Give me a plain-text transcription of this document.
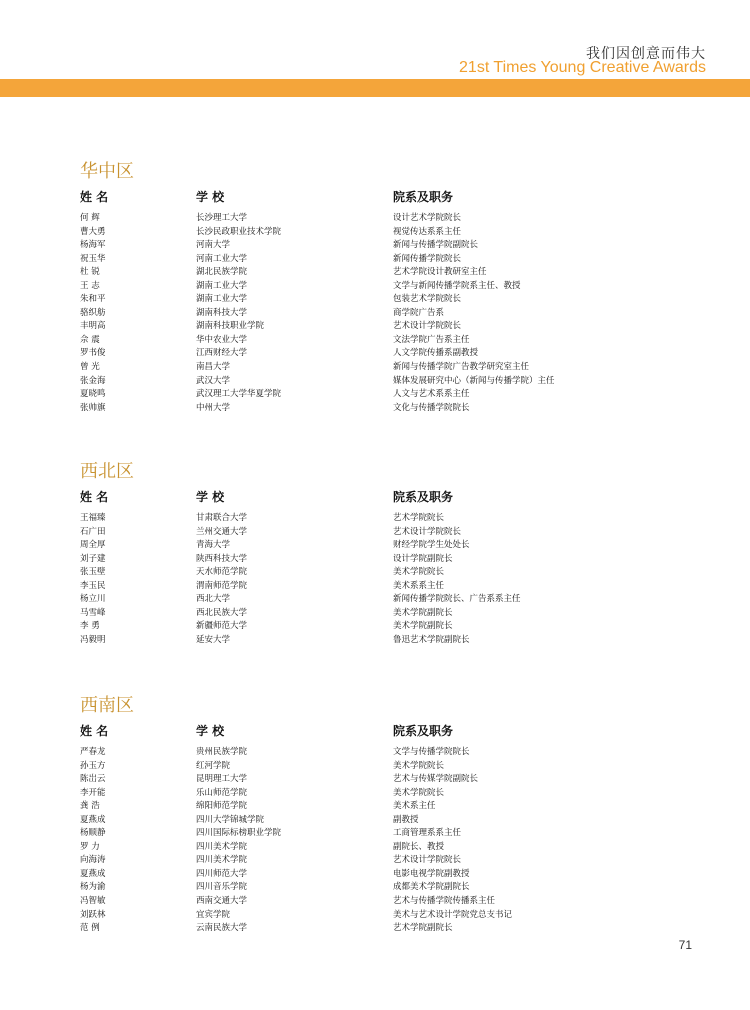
我们因创意而伟大
21st Times Young Creative Awards
华中区
姓 名	学 校	院系及职务
何 辉	长沙理工大学	设计艺术学院院长
曹大勇	长沙民政职业技术学院	视觉传达系系主任
杨海军	河南大学	新闻与传播学院副院长
祝玉华	河南工业大学	新闻传播学院院长
杜 锐	湖北民族学院	艺术学院设计教研室主任
王 志	湖南工业大学	文学与新闻传播学院系主任、教授
朱和平	湖南工业大学	包装艺术学院院长
骆织舫	湖南科技大学	商学院广告系
丰明高	湖南科技职业学院	艺术设计学院院长
佘 震	华中农业大学	文法学院广告系主任
罗书俊	江西财经大学	人文学院传播系副教授
曾 光	南昌大学	新闻与传播学院广告教学研究室主任
张金海	武汉大学	媒体发展研究中心（新闻与传播学院）主任
夏晓鸣	武汉理工大学华夏学院	人文与艺术系系主任
张帅旗	中州大学	文化与传播学院院长
西北区
姓 名	学 校	院系及职务
王福臻	甘肃联合大学	艺术学院院长
石广田	兰州交通大学	艺术设计学院院长
周全厚	青海大学	财经学院学生处处长
刘子建	陕西科技大学	设计学院副院长
张玉壁	天水师范学院	美术学院院长
李玉民	渭南师范学院	美术系系主任
杨立川	西北大学	新闻传播学院院长、广告系系主任
马雪峰	西北民族大学	美术学院副院长
李 勇	新疆师范大学	美术学院副院长
冯毅明	延安大学	鲁迅艺术学院副院长
西南区
姓 名	学 校	院系及职务
严春龙	贵州民族学院	文学与传播学院院长
孙玉方	红河学院	美术学院院长
陈岀云	昆明理工大学	艺术与传媒学院副院长
李开能	乐山师范学院	美术学院院长
龚 浩	绵阳师范学院	美术系主任
夏燕成	四川大学锦城学院	副教授
杨顺静	四川国际标榜职业学院	工商管理系系主任
罗 力	四川美术学院	副院长、教授
向海涛	四川美术学院	艺术设计学院院长
夏燕成	四川师范大学	电影电视学院副教授
杨为渝	四川音乐学院	成都美术学院副院长
冯智敏	西南交通大学	艺术与传播学院传播系主任
刘跃林	宜宾学院	美术与艺术设计学院党总支书记
范 例	云南民族大学	艺术学院副院长
71
